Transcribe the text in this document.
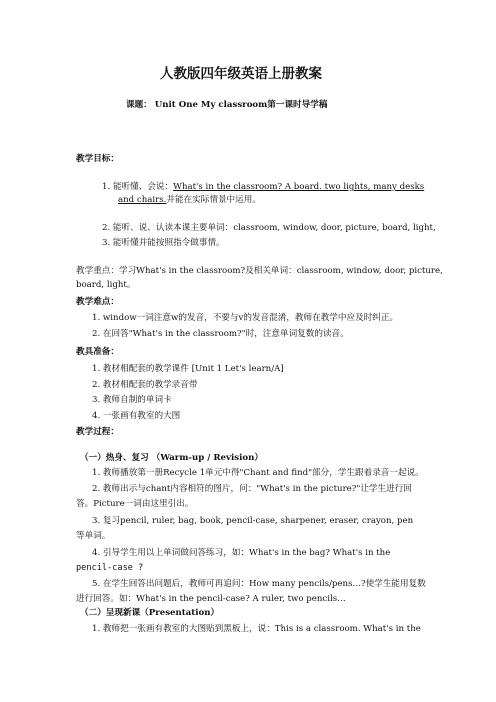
人教版四年级英语上册教案
课题： Unit One My classroom第一课时导学稿
教学目标：
1. 能听懂、会说：What's in the classroom? A board. two lights, many desks
and chairs.并能在实际情景中运用。
2. 能听、说、认读本课主要单词：classroom, window, door, picture, board, light,
3. 能听懂并能按照指令做事情。
教学重点：学习What's in the classroom?及相关单词：classroom, window, door, picture,
board, light。
教学难点：
1. window一词注意w的发音，不要与v的发音混淆，教师在教学中应及时纠正。
2. 在回答"What's in the classroom?"时，注意单词复数的读音。
教具准备：
1. 教材相配套的教学课件 [Unit 1 Let's learn/A]
2. 教材相配套的教学录音带
3. 教师自制的单词卡
4. 一张画有教室的大图
教学过程：
（一）热身、复习 （Warm-up / Revision）
1. 教师播放第一册Recycle 1单元中得"Chant and find"部分，学生跟着录音一起说。
2. 教师出示与chant内容相符的图片，问："What's in the picture?"让学生进行回
答。Picture一词由这里引出。
3. 复习pencil, ruler, bag, book, pencil-case, sharpener, eraser, crayon, pen
等单词。
4. 引导学生用以上单词做问答练习，如：What's in the bag? What's in the
pencil-case ?
5. 在学生回答出问题后，教师可再追问：How many pencils/pens…?使学生能用复数
进行回答。如：What's in the pencil-case? A ruler, two pencils…
（二）呈现新课（Presentation）
1. 教师把一张画有教室的大图贴到黑板上，说：This is a classroom. What's in the
